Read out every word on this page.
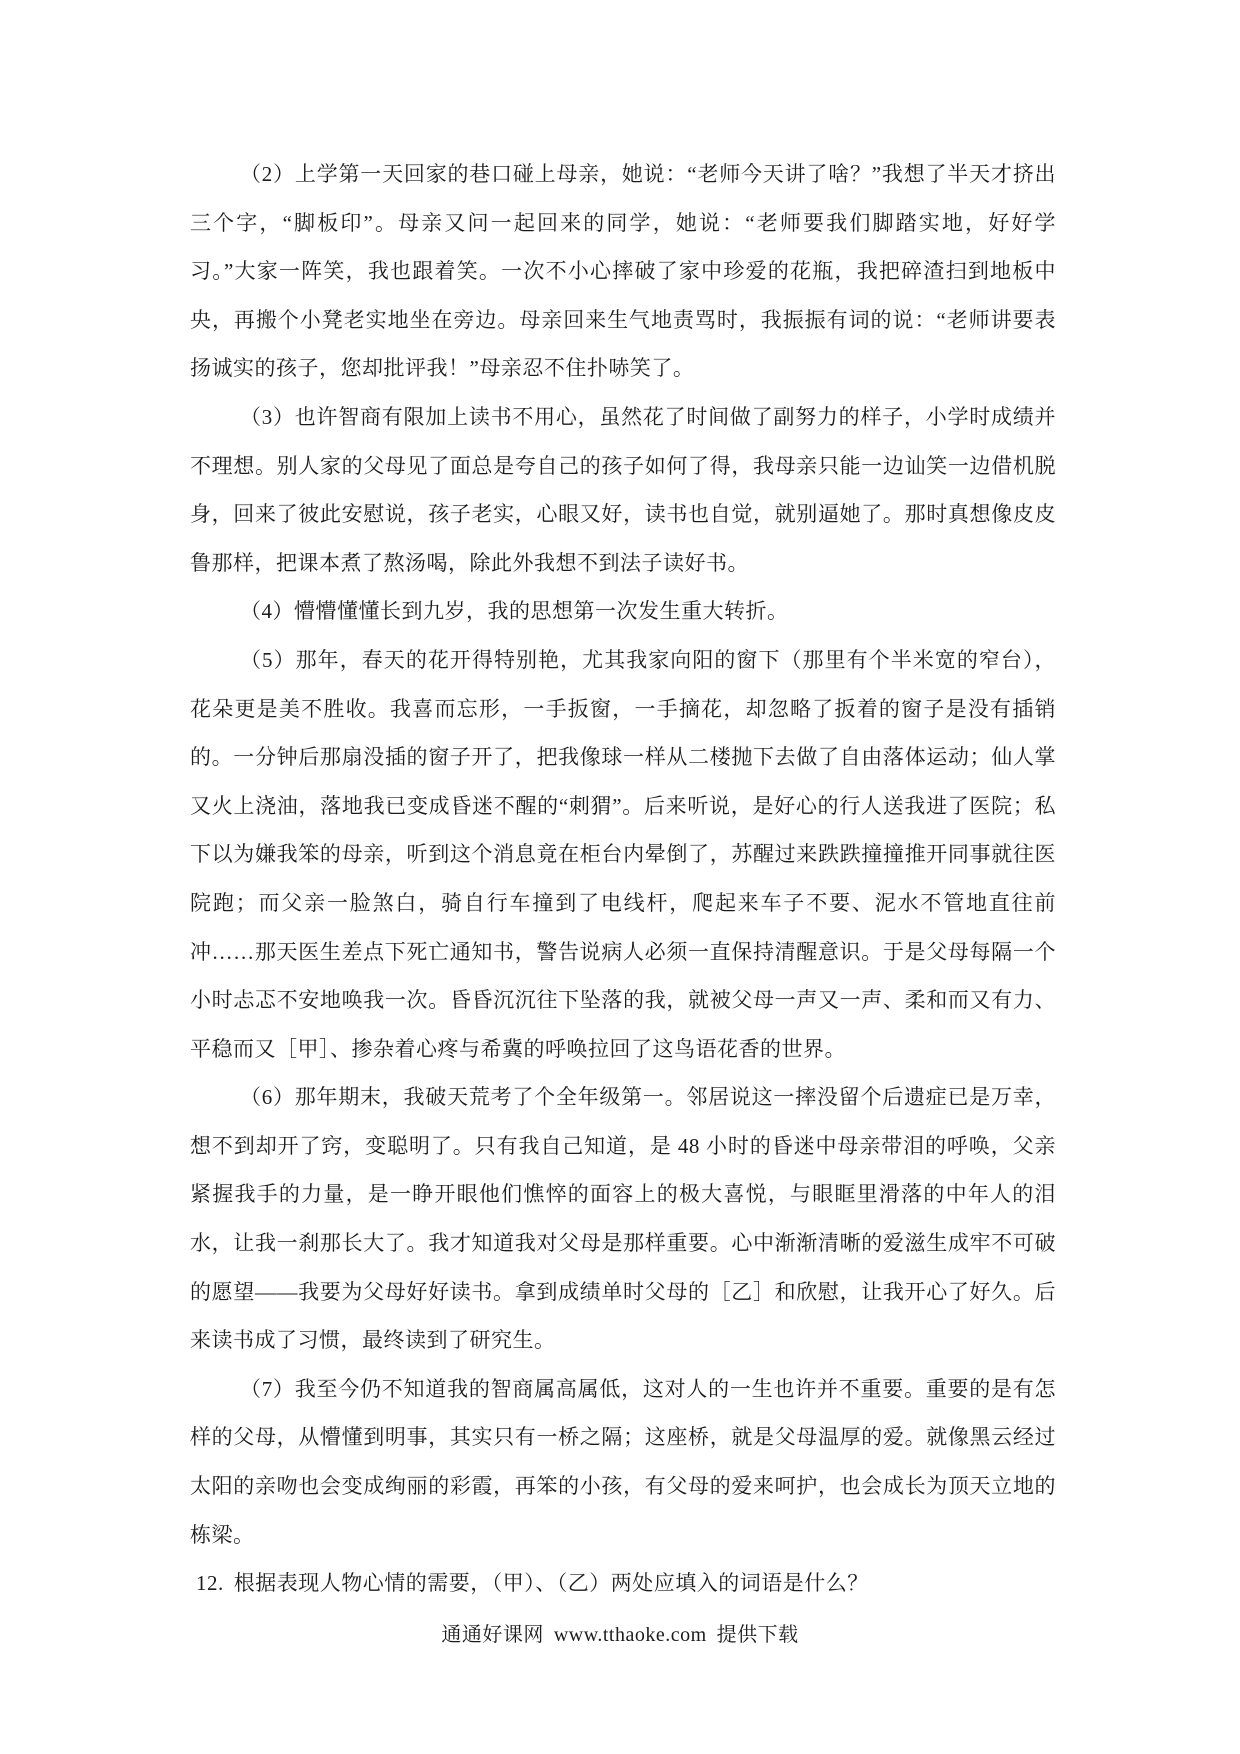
（2）上学第一天回家的巷口碰上母亲，她说：“老师今天讲了啥？”我想了半天才挤出三个字，“脚板印”。母亲又问一起回来的同学，她说：“老师要我们脚踏实地，好好学习。”大家一阵笑，我也跟着笑。一次不小心摔破了家中珍爱的花瓶，我把碎渣扫到地板中央，再搬个小凳老实地坐在旁边。母亲回来生气地责骂时，我振振有词的说：“老师讲要表扬诚实的孩子，您却批评我！”母亲忍不住扑哧笑了。

（3）也许智商有限加上读书不用心，虽然花了时间做了副努力的样子，小学时成绩并不理想。别人家的父母见了面总是夸自己的孩子如何了得，我母亲只能一边讪笑一边借机脱身，回来了彼此安慰说，孩子老实，心眼又好，读书也自觉，就别逼她了。那时真想像皮皮鲁那样，把课本煮了熬汤喝，除此外我想不到法子读好书。

（4）懵懵懂懂长到九岁，我的思想第一次发生重大转折。

（5）那年，春天的花开得特别艳，尤其我家向阳的窗下（那里有个半米宽的窄台），花朵更是美不胜收。我喜而忘形，一手扳窗，一手摘花，却忽略了扳着的窗子是没有插销的。一分钟后那扇没插的窗子开了，把我像球一样从二楼抛下去做了自由落体运动；仙人掌又火上浇油，落地我已变成昏迷不醒的“刺猬”。后来听说，是好心的行人送我进了医院；私下以为嫌我笨的母亲，听到这个消息竟在柜台内晕倒了，苏醒过来跌跌撞撞推开同事就往医院跑；而父亲一脸煞白，骑自行车撞到了电线杆，爬起来车子不要、泥水不管地直往前冲……那天医生差点下死亡通知书，警告说病人必须一直保持清醒意识。于是父母每隔一个小时忐忑不安地唤我一次。昏昏沉沉往下坠落的我，就被父母一声又一声、柔和而又有力、平稳而又［甲］、掺杂着心疼与希冀的呼唤拉回了这鸟语花香的世界。

（6）那年期末，我破天荒考了个全年级第一。邻居说这一摔没留个后遗症已是万幸，想不到却开了窍，变聪明了。只有我自己知道，是 48 小时的昏迷中母亲带泪的呼唤，父亲紧握我手的力量，是一睁开眼他们憔悴的面容上的极大喜悦，与眼眶里滑落的中年人的泪水，让我一刹那长大了。我才知道我对父母是那样重要。心中渐渐清晰的爱滋生成牢不可破的愿望——我要为父母好好读书。拿到成绩单时父母的［乙］和欣慰，让我开心了好久。后来读书成了习惯，最终读到了研究生。

（7）我至今仍不知道我的智商属高属低，这对人的一生也许并不重要。重要的是有怎样的父母，从懵懂到明事，其实只有一桥之隔；这座桥，就是父母温厚的爱。就像黑云经过太阳的亲吻也会变成绚丽的彩霞，再笨的小孩，有父母的爱来呵护，也会成长为顶天立地的栋梁。

12. 根据表现人物心情的需要，（甲）、（乙）两处应填入的词语是什么？

通通好课网 www.tthaoke.com 提供下载
